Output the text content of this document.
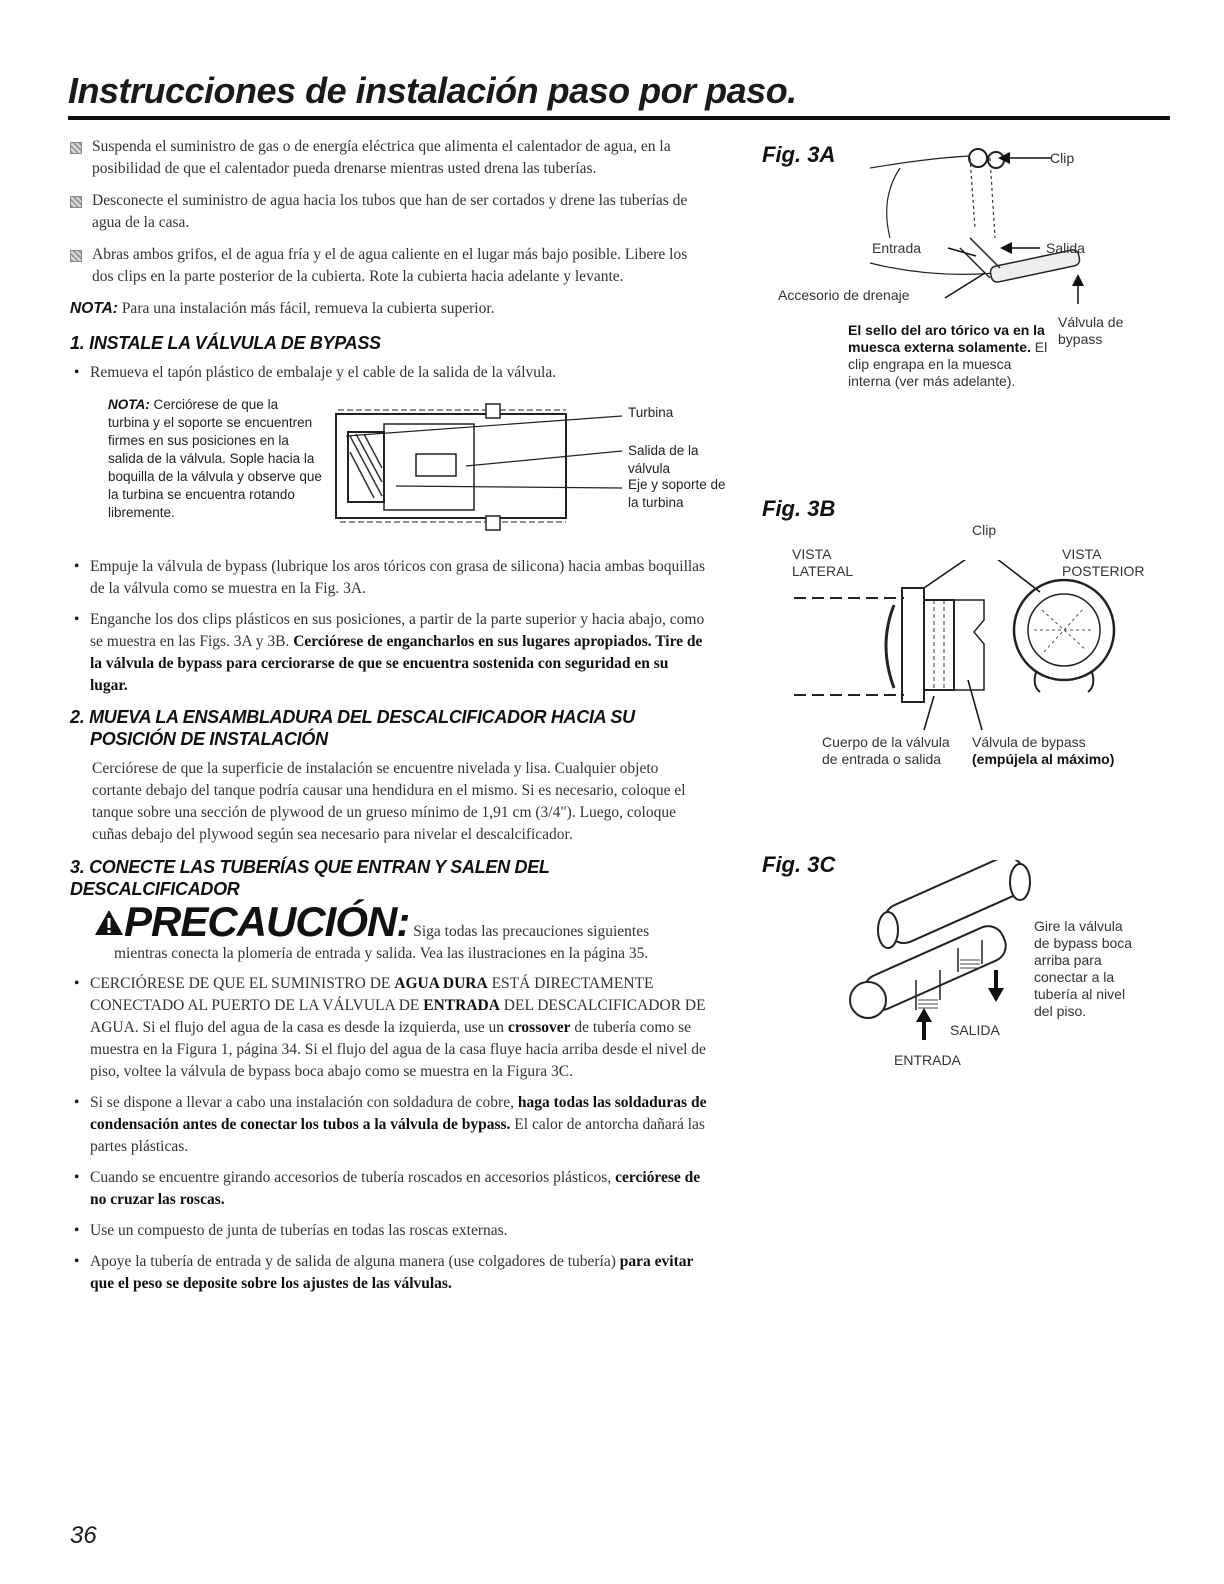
Instrucciones de instalación paso por paso.
Suspenda el suministro de gas o de energía eléctrica que alimenta el calentador de agua, en la posibilidad de que el calentador pueda drenarse mientras usted drena las tuberías.
Desconecte el suministro de agua hacia los tubos que han de ser cortados y drene las tuberías de agua de la casa.
Abras ambos grifos, el de agua fría y el de agua caliente en el lugar más bajo posible. Libere los dos clips en la parte posterior de la cubierta. Rote la cubierta hacia adelante y levante.

NOTA: Para una instalación más fácil, remueva la cubierta superior.

1. INSTALE LA VÁLVULA DE BYPASS
• Remueva el tapón plástico de embalaje y el cable de la salida de la válvula.
NOTA: Cerciórese de que la turbina y el soporte se encuentren firmes en sus posiciones en la salida de la válvula. Sople hacia la boquilla de la válvula y observe que la turbina se encuentra rotando libremente.
Turbina
Salida de la válvula
Eje y soporte de la turbina
• Empuje la válvula de bypass (lubrique los aros tóricos con grasa de silicona) hacia ambas boquillas de la válvula como se muestra en la Fig. 3A.
• Enganche los dos clips plásticos en sus posiciones, a partir de la parte superior y hacia abajo, como se muestra en las Figs. 3A y 3B. Cerciórese de engancharlos en sus lugares apropiados. Tire de la válvula de bypass para cerciorarse de que se encuentra sostenida con seguridad en su lugar.
2. MUEVA LA ENSAMBLADURA DEL DESCALCIFICADOR HACIA SU
POSICIÓN DE INSTALACIÓN

Cerciórese de que la superficie de instalación se encuentre nivelada y lisa. Cualquier objeto cortante debajo del tanque podría causar una hendidura en el mismo. Si es necesario, coloque el tanque sobre una sección de plywood de un grueso mínimo de 1,91 cm (3/4"). Luego, coloque cuñas debajo del plywood según sea necesario para nivelar el descalcificador.

3. CONECTE LAS TUBERÍAS QUE ENTRAN Y SALEN DEL DESCALCIFICADOR
PRECAUCIÓN: Siga todas las precauciones siguientes
mientras conecta la plomería de entrada y salida. Vea las ilustraciones en la página 35.
• CERCIÓRESE DE QUE EL SUMINISTRO DE AGUA DURA ESTÁ DIRECTAMENTE CONECTADO AL PUERTO DE LA VÁLVULA DE ENTRADA DEL DESCALCIFICADOR DE AGUA. Si el flujo del agua de la casa es desde la izquierda, use un crossover de tubería como se muestra en la Figura 1, página 34. Si el flujo del agua de la casa fluye hacia arriba desde el nivel de piso, voltee la válvula de bypass boca abajo como se muestra en la Figura 3C.
• Si se dispone a llevar a cabo una instalación con soldadura de cobre, haga todas las soldaduras de condensación antes de conectar los tubos a la válvula de bypass. El calor de antorcha dañará las partes plásticas.
• Cuando se encuentre girando accesorios de tubería roscados en accesorios plásticos, cerciórese de no cruzar las roscas.
• Use un compuesto de junta de tuberías en todas las roscas externas.
• Apoye la tubería de entrada y de salida de alguna manera (use colgadores de tubería) para evitar que el peso se deposite sobre los ajustes de las válvulas.
Fig. 3A	Clip
Entrada	Salida
Accesorio de drenaje
Válvula de bypass
El sello del aro tórico va en la muesca externa solamente. El clip engrapa en la muesca interna (ver más adelante).
Fig. 3B
Clip
VISTA LATERAL
VISTA POSTERIOR
Cuerpo de la válvula de entrada o salida
Válvula de bypass
(empújela al máximo)
Fig. 3C
SALIDA
ENTRADA
Gire la válvula de bypass boca arriba para conectar a la tubería al nivel del piso.
36
